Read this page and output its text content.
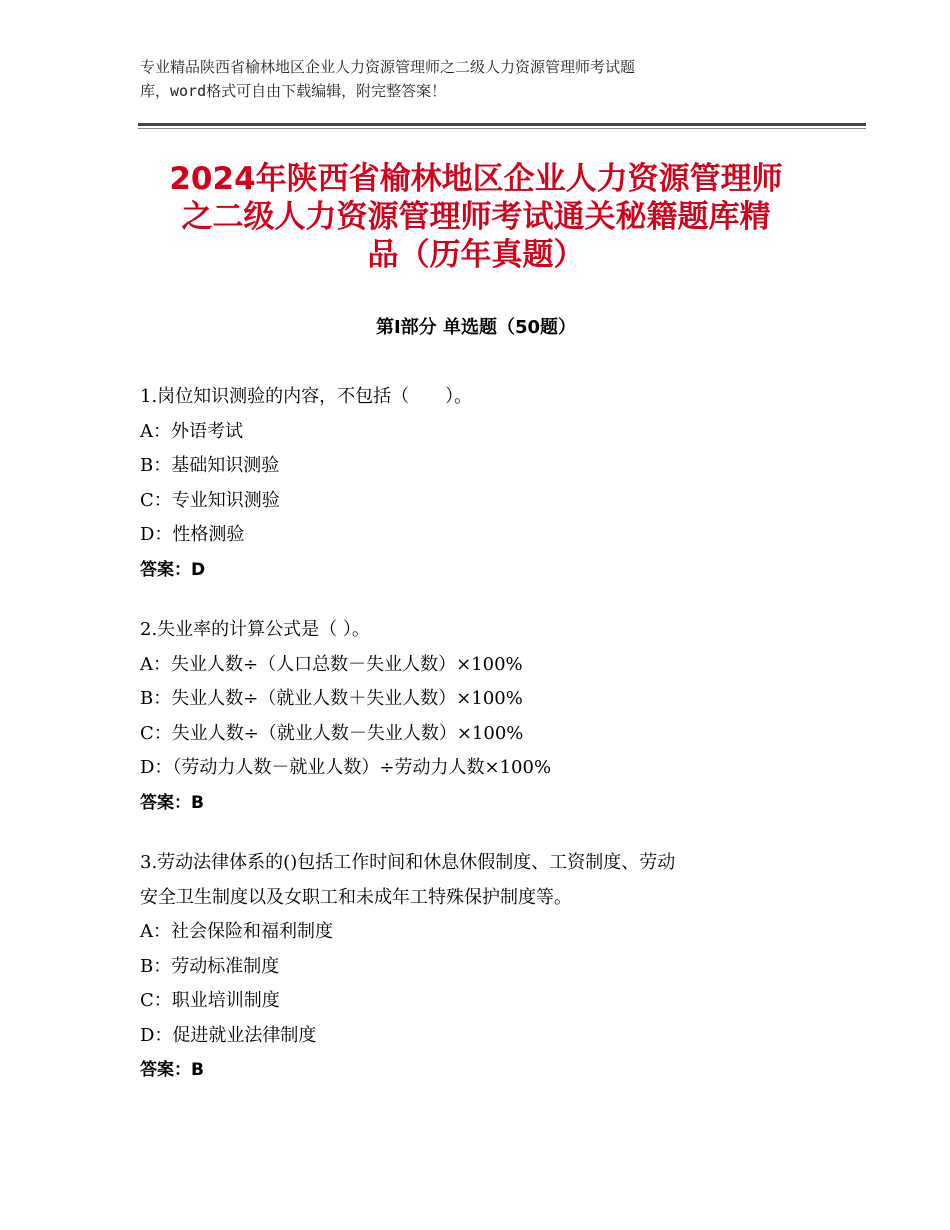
专业精品陕西省榆林地区企业人力资源管理师之二级人力资源管理师考试题
库，word格式可自由下载编辑，附完整答案！
2024年陕西省榆林地区企业人力资源管理师
之二级人力资源管理师考试通关秘籍题库精
品（历年真题）
第Ⅰ部分 单选题（50题）
1.岗位知识测验的内容，不包括（　　）。
A：外语考试
B：基础知识测验
C：专业知识测验
D：性格测验
答案：D
2.失业率的计算公式是（ ）。
A：失业人数÷（人口总数－失业人数）×100%
B：失业人数÷（就业人数＋失业人数）×100%
C：失业人数÷（就业人数－失业人数）×100%
D：（劳动力人数－就业人数）÷劳动力人数×100%
答案：B
3.劳动法律体系的()包括工作时间和休息休假制度、工资制度、劳动
安全卫生制度以及女职工和未成年工特殊保护制度等。
A：社会保险和福利制度
B：劳动标准制度
C：职业培训制度
D：促进就业法律制度
答案：B
